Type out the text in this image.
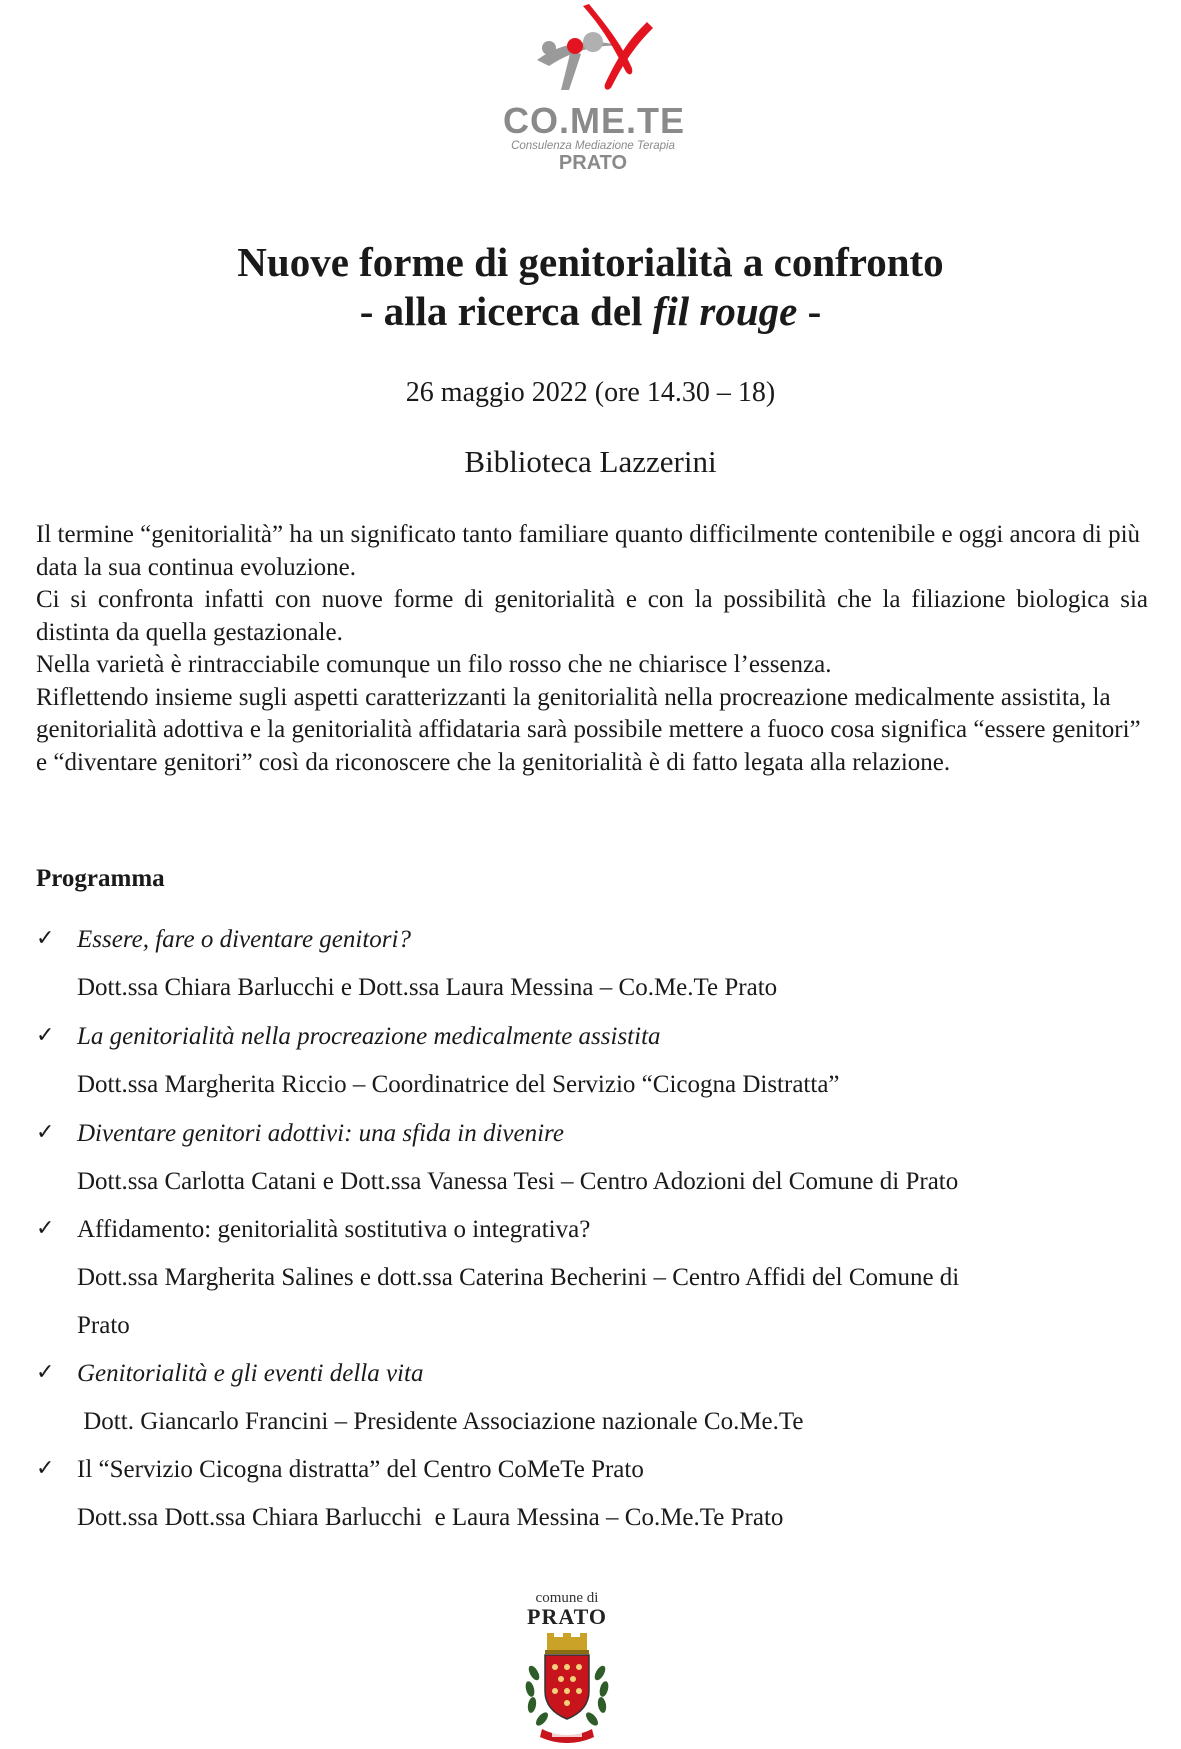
CO.ME.TE
Consulenza Mediazione Terapia
PRATO
Nuove forme di genitorialità a confronto
- alla ricerca del fil rouge -
26 maggio 2022 (ore 14.30 – 18)
Biblioteca Lazzerini

Il termine “genitorialità” ha un significato tanto familiare quanto difficilmente contenibile e oggi ancora di più data la sua continua evoluzione.

Ci si confronta infatti con nuove forme di genitorialità e con la possibilità che la filiazione biologica sia distinta da quella gestazionale.

Nella varietà è rintracciabile comunque un filo rosso che ne chiarisce l’essenza.

Riflettendo insieme sugli aspetti caratterizzanti la genitorialità nella procreazione medicalmente assistita, la genitorialità adottiva e la genitorialità affidataria sarà possibile mettere a fuoco cosa significa “essere genitori” e “diventare genitori” così da riconoscere che la genitorialità è di fatto legata alla relazione.

Programma
✓ Essere, fare o diventare genitori?
Dott.ssa Chiara Barlucchi e Dott.ssa Laura Messina – Co.Me.Te Prato
✓ La genitorialità nella procreazione medicalmente assistita
Dott.ssa Margherita Riccio – Coordinatrice del Servizio “Cicogna Distratta”
✓ Diventare genitori adottivi: una sfida in divenire
Dott.ssa Carlotta Catani e Dott.ssa Vanessa Tesi – Centro Adozioni del Comune di Prato
✓ Affidamento: genitorialità sostitutiva o integrativa?
Dott.ssa Margherita Salines e dott.ssa Caterina Becherini – Centro Affidi del Comune di
Prato
✓ Genitorialità e gli eventi della vita
Dott. Giancarlo Francini – Presidente Associazione nazionale Co.Me.Te
✓ Il “Servizio Cicogna distratta” del Centro CoMeTe Prato
Dott.ssa Dott.ssa Chiara Barlucchi  e Laura Messina – Co.Me.Te Prato
comune di
PRATO
